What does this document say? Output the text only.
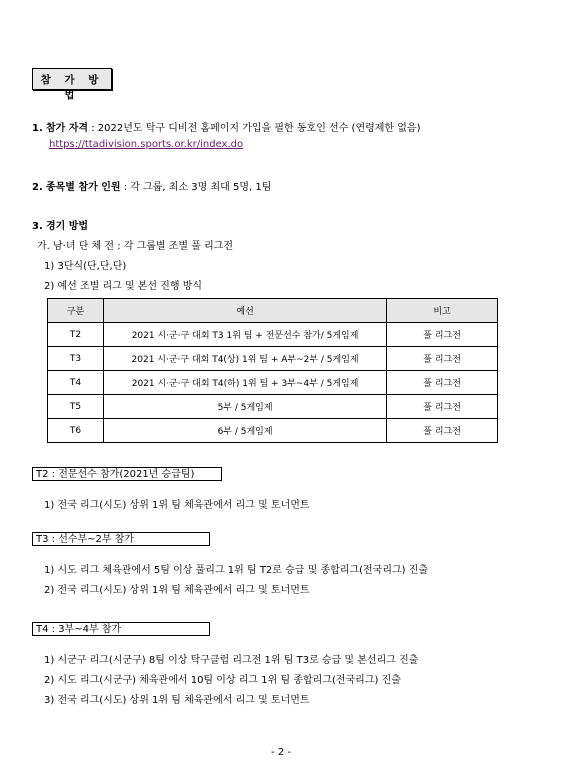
참 가 방 법
1. 참가 자격 : 2022년도 탁구 디비전 홈페이지 가입을 필한 동호인 선수 (연령제한 없음)
https://ttadivision.sports.or.kr/index.do
2. 종목별 참가 인원 : 각 그룹, 최소 3명 최대 5명, 1팀
3. 경기 방법
가. 남·녀 단 체 전 : 각 그룹별 조별 풀 리그전
1) 3단식(단,단,단)
2) 예선 조별 리그 및 본선 진행 방식
구분	예선	비고
T2	2021 시·군·구 대회 T3 1위 팀 + 전문선수 참가/ 5게임제	풀 리그전
T3	2021 시·군·구 대회 T4(상) 1위 팀 + A부~2부 / 5게임제	풀 리그전
T4	2021 시·군·구 대회 T4(하) 1위 팀 + 3부~4부 / 5게임제	풀 리그전
T5	5부 / 5게임제	풀 리그전
T6	6부 / 5게임제	풀 리그전
T2 : 전문선수 참가(2021년 승급팀)
1) 전국 리그(시도) 상위 1위 팀 체육관에서 리그 및 토너먼트
T3 : 선수부~2부 참가
1) 시도 리그 체육관에서 5팀 이상 풀리그 1위 팀 T2로 승급 및 종합리그(전국리그) 진출
2) 전국 리그(시도) 상위 1위 팀 체육관에서 리그 및 토너먼트
T4 : 3부~4부 참가
1) 시군구 리그(시군구) 8팀 이상 탁구클럽 리그전 1위 팀 T3로 승급 및 본선리그 진출
2) 시도 리그(시군구) 체육관에서 10팀 이상 리그 1위 팀 종합리그(전국리그) 진출
3) 전국 리그(시도) 상위 1위 팀 체육관에서 리그 및 토너먼트
- 2 -
